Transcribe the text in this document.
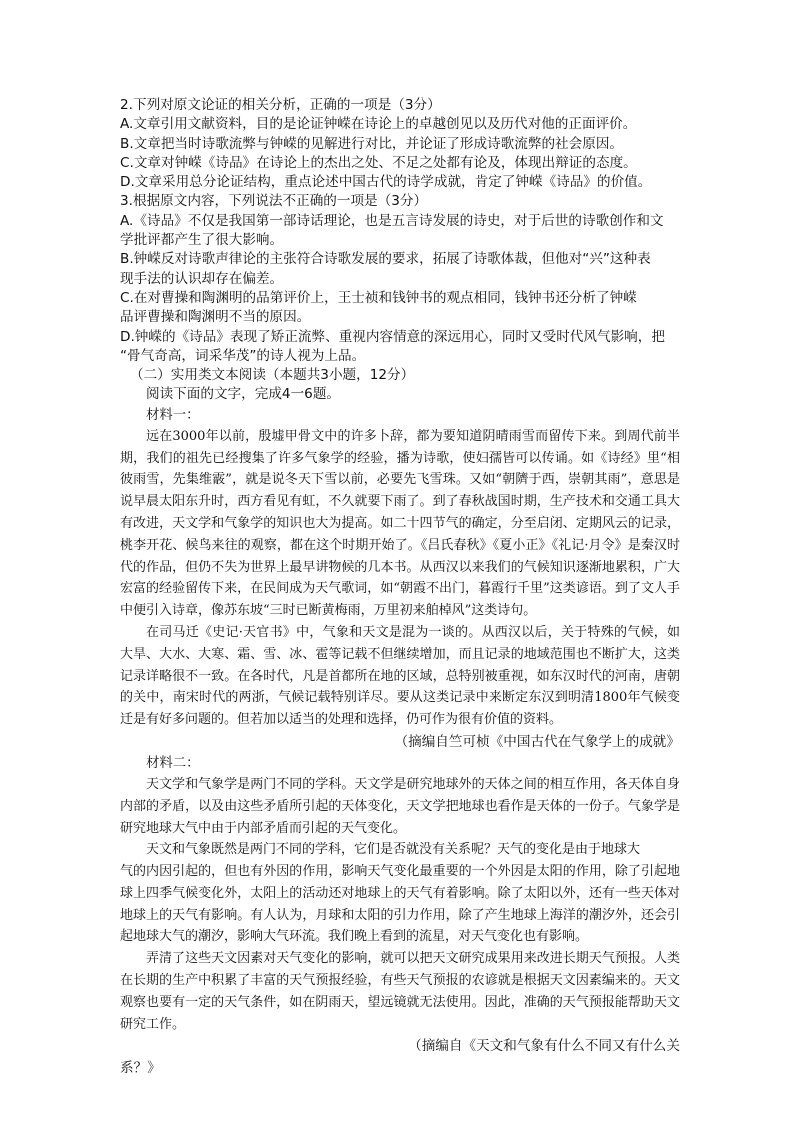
2.下列对原文论证的相关分析，正确的一项是（3分）

A.文章引用文献资料，目的是论证钟嵘在诗论上的卓越创见以及历代对他的正面评价。

B.文章把当时诗歌流弊与钟嵘的见解进行对比，并论证了形成诗歌流弊的社会原因。

C.文章对钟嵘《诗品》在诗论上的杰出之处、不足之处都有论及，体现出辩证的态度。

D.文章采用总分论证结构，重点论述中国古代的诗学成就，肯定了钟嵘《诗品》的价值。

3.根据原文内容，下列说法不正确的一项是（3分）

A.《诗品》不仅是我国第一部诗话理论，也是五言诗发展的诗史，对于后世的诗歌创作和文

学批评都产生了很大影响。

B.钟嵘反对诗歌声律论的主张符合诗歌发展的要求，拓展了诗歌体裁，但他对“兴”这种表

现手法的认识却存在偏差。

C.在对曹操和陶渊明的品第评价上，王士祯和钱钟书的观点相同，钱钟书还分析了钟嵘

品评曹操和陶渊明不当的原因。

D.钟嵘的《诗品》表现了矫正流弊、重视内容情意的深远用心，同时又受时代风气影响，把

“骨气奇高，词采华茂”的诗人视为上品。

（二）实用类文本阅读（本题共3小题，12分）

阅读下面的文字，完成4一6题。

材料一：

远在3000年以前，殷墟甲骨文中的许多卜辞，都为要知道阴晴雨雪而留传下来。到周代前半期，我们的祖先已经搜集了许多气象学的经验，播为诗歌，使妇孺皆可以传诵。如《诗经》里“相彼雨雪，先集维霰”，就是说冬天下雪以前，必要先飞雪珠。又如“朝隮于西，崇朝其雨”，意思是说早晨太阳东升时，西方看见有虹，不久就要下雨了。到了春秋战国时期，生产技术和交通工具大有改进，天文学和气象学的知识也大为提高。如二十四节气的确定，分至启闭、定期风云的记录，桃李开花、候鸟来往的观察，都在这个时期开始了。《吕氏春秋》《夏小正》《礼记·月令》是秦汉时代的作品，但仍不失为世界上最早讲物候的几本书。从西汉以来我们的气候知识逐渐地累积，广大宏富的经验留传下来，在民间成为天气歌词，如“朝霞不出门，暮霞行千里”这类谚语。到了文人手中便引入诗章，像苏东坡“三时已断黄梅雨，万里初来舶棹风”这类诗句。

在司马迁《史记·天官书》中，气象和天文是混为一谈的。从西汉以后，关于特殊的气候，如大旱、大水、大寒、霜、雪、冰、雹等记载不但继续增加，而且记录的地域范围也不断扩大，这类记录详略很不一致。在各时代，凡是首都所在地的区域，总特别被重视，如东汉时代的河南，唐朝的关中，南宋时代的两浙，气候记载特别详尽。要从这类记录中来断定东汉到明清1800年气候变迁是有好多问题的。但若加以适当的处理和选择，仍可作为很有价值的资料。

（摘编自竺可桢《中国古代在气象学上的成就》

材料二：

天文学和气象学是两门不同的学科。天文学是研究地球外的天体之间的相互作用，各天体自身内部的矛盾，以及由这些矛盾所引起的天体变化，天文学把地球也看作是天体的一份子。气象学是研究地球大气中由于内部矛盾而引起的天气变化。

天文和气象既然是两门不同的学科，它们是否就没有关系呢？天气的变化是由于地球大

气的内因引起的，但也有外因的作用，影响天气变化最重要的一个外因是太阳的作用，除了引起地球上四季气候变化外，太阳上的活动还对地球上的天气有着影响。除了太阳以外，还有一些天体对地球上的天气有影响。有人认为，月球和太阳的引力作用，除了产生地球上海洋的潮汐外，还会引起地球大气的潮汐，影响大气环流。我们晚上看到的流星，对天气变化也有影响。

弄清了这些天文因素对天气变化的影响，就可以把天文研究成果用来改进长期天气预报。人类在长期的生产中积累了丰富的天气预报经验，有些天气预报的农谚就是根据天文因素编来的。天文观察也要有一定的天气条件，如在阴雨天，望远镜就无法使用。因此，准确的天气预报能帮助天文研究工作。

（摘编自《天文和气象有什么不同又有什么关

系？》
